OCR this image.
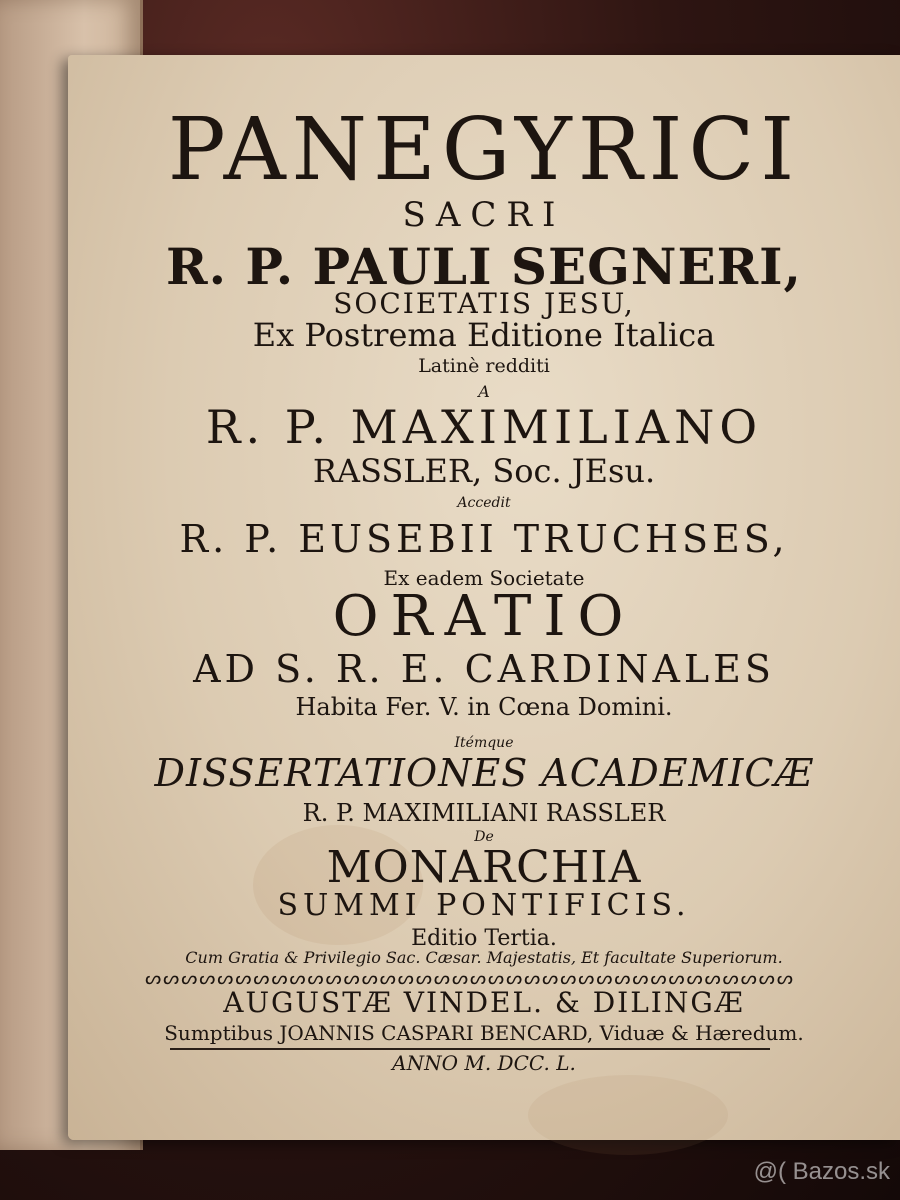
PANEGYRICI

SACRI

R. P. PAULI SEGNERI,

SOCIETATIS JESU,

Ex Postrema Editione Italica

Latinè redditi

A

R. P. MAXIMILIANO

RASSLER, Soc. JEsu.

Accedit

R. P. EUSEBII TRUCHSES,

Ex eadem Societate

ORATIO

AD S. R. E. CARDINALES

Habita Fer. V. in Cœna Domini.

Itémque

DISSERTATIONES ACADEMICÆ

R. P. MAXIMILIANI RASSLER

De

MONARCHIA

SUMMI PONTIFICIS.

Editio Tertia.

Cum Gratia & Privilegio Sac. Cæsar. Majestatis, Et facultate Superiorum.

ᔕᔕᔕᔕᔕᔕᔕᔕᔕᔕᔕᔕᔕᔕᔕᔕᔕᔕᔕᔕᔕᔕᔕᔕᔕᔕᔕᔕᔕᔕᔕᔕᔕᔕᔕᔕ

AUGUSTÆ VINDEL. & DILINGÆ

Sumptibus JOANNIS CASPARI BENCARD, Viduæ & Hæredum.

ANNO M. DCC. L.

@( Bazos.sk
